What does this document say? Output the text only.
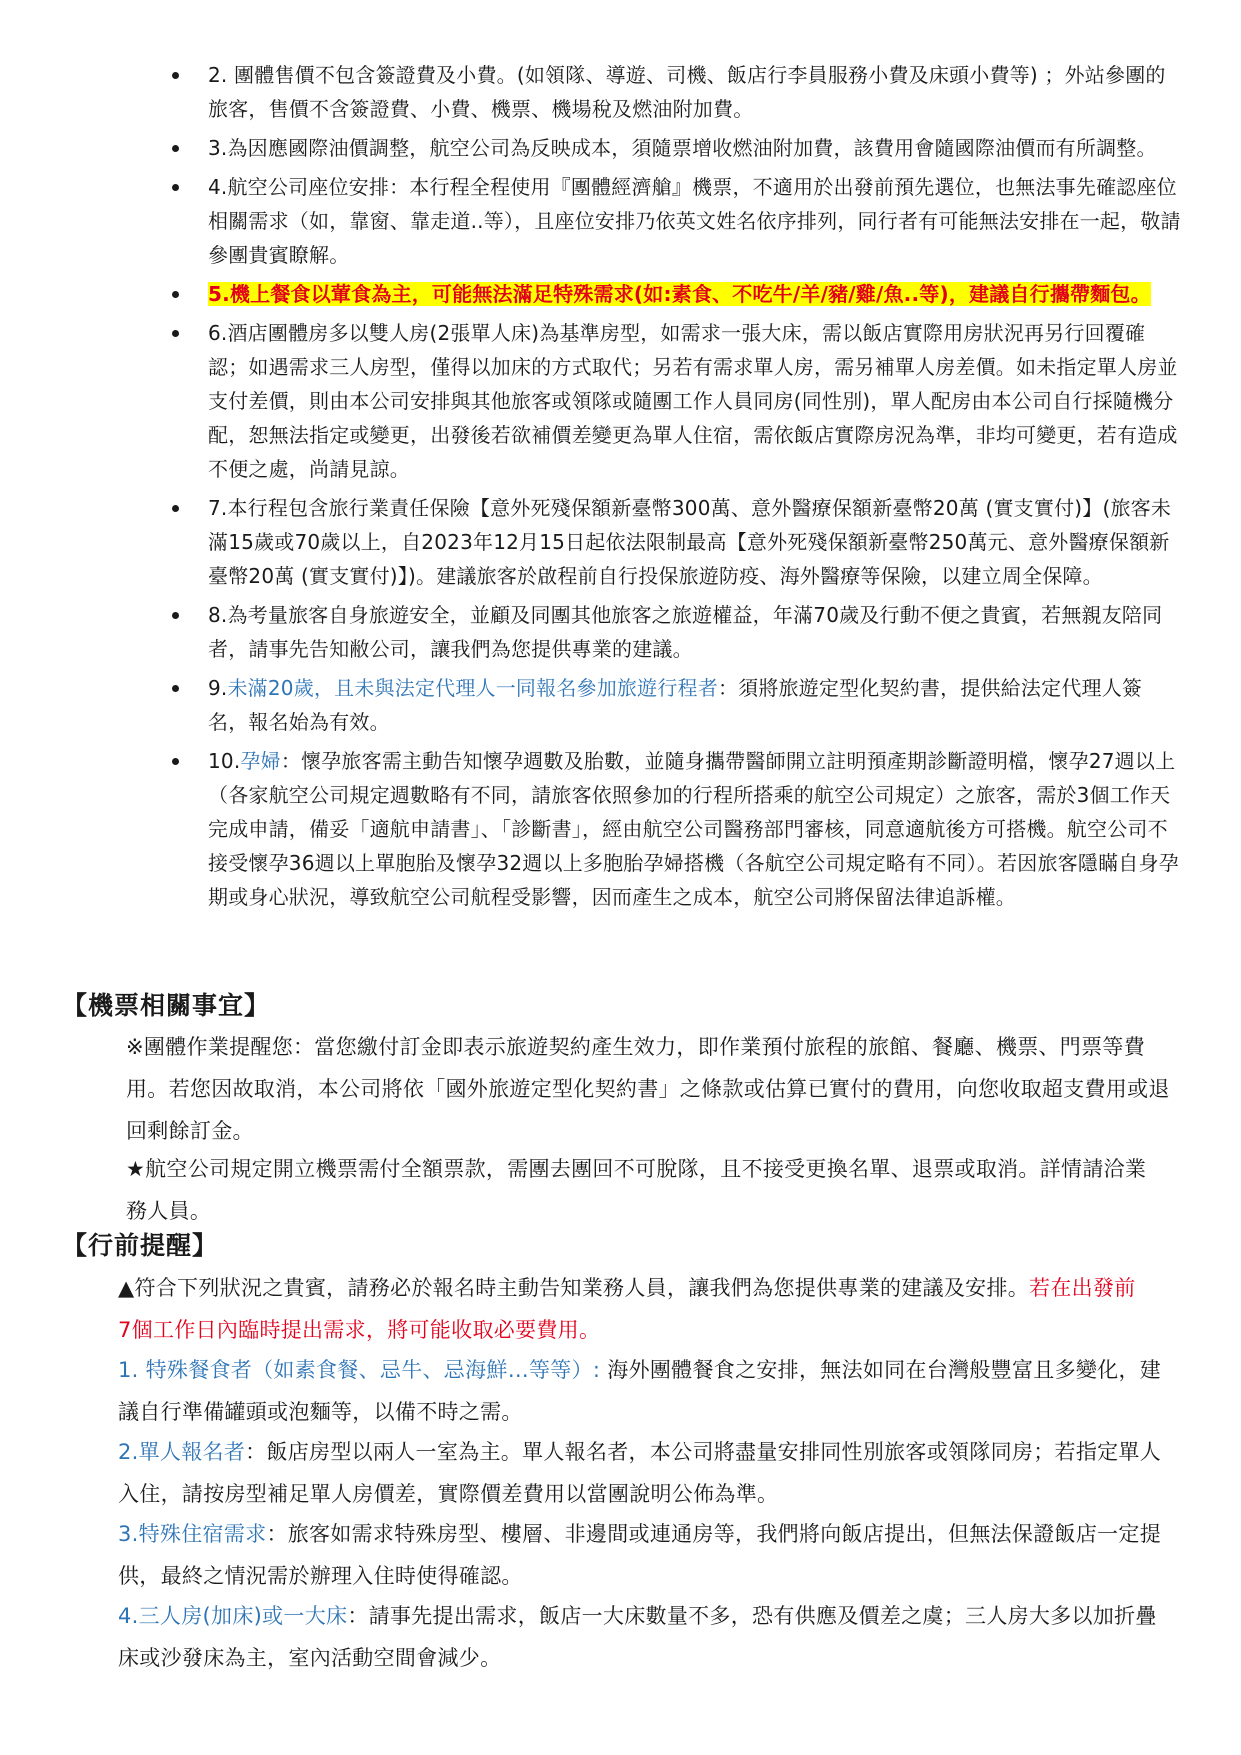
2. 團體售價不包含簽證費及小費。(如領隊、導遊、司機、飯店行李員服務小費及床頭小費等) ；外站參團的旅客，售價不含簽證費、小費、機票、機場稅及燃油附加費。
3.為因應國際油價調整，航空公司為反映成本，須隨票增收燃油附加費，該費用會隨國際油價而有所調整。
4.航空公司座位安排：本行程全程使用『團體經濟艙』機票，不適用於出發前預先選位，也無法事先確認座位相關需求（如，靠窗、靠走道..等），且座位安排乃依英文姓名依序排列，同行者有可能無法安排在一起，敬請參團貴賓瞭解。
5.機上餐食以葷食為主，可能無法滿足特殊需求(如:素食、不吃牛/羊/豬/雞/魚..等)，建議自行攜帶麵包。
6.酒店團體房多以雙人房(2張單人床)為基準房型，如需求一張大床，需以飯店實際用房狀況再另行回覆確認；如遇需求三人房型，僅得以加床的方式取代；另若有需求單人房，需另補單人房差價。如未指定單人房並支付差價，則由本公司安排與其他旅客或領隊或隨團工作人員同房(同性別)，單人配房由本公司自行採隨機分配，恕無法指定或變更，出發後若欲補價差變更為單人住宿，需依飯店實際房況為準，非均可變更，若有造成不便之處，尚請見諒。
7.本行程包含旅行業責任保險【意外死殘保額新臺幣300萬、意外醫療保額新臺幣20萬 (實支實付)】(旅客未滿15歲或70歲以上，自2023年12月15日起依法限制最高【意外死殘保額新臺幣250萬元、意外醫療保額新臺幣20萬 (實支實付)】)。建議旅客於啟程前自行投保旅遊防疫、海外醫療等保險，以建立周全保障。
8.為考量旅客自身旅遊安全，並顧及同團其他旅客之旅遊權益，年滿70歲及行動不便之貴賓，若無親友陪同者，請事先告知敝公司，讓我們為您提供專業的建議。
9.未滿20歲，且未與法定代理人一同報名參加旅遊行程者：須將旅遊定型化契約書，提供給法定代理人簽名，報名始為有效。
10.孕婦：懷孕旅客需主動告知懷孕週數及胎數，並隨身攜帶醫師開立註明預產期診斷證明檔，懷孕27週以上（各家航空公司規定週數略有不同，請旅客依照參加的行程所搭乘的航空公司規定）之旅客，需於3個工作天完成申請，備妥「適航申請書」、「診斷書」，經由航空公司醫務部門審核，同意適航後方可搭機。航空公司不接受懷孕36週以上單胞胎及懷孕32週以上多胞胎孕婦搭機（各航空公司規定略有不同）。若因旅客隱瞞自身孕期或身心狀況，導致航空公司航程受影響，因而產生之成本，航空公司將保留法律追訴權。
【機票相關事宜】
※團體作業提醒您：當您繳付訂金即表示旅遊契約產生效力，即作業預付旅程的旅館、餐廳、機票、門票等費用。若您因故取消，本公司將依「國外旅遊定型化契約書」之條款或估算已實付的費用，向您收取超支費用或退回剩餘訂金。
★航空公司規定開立機票需付全額票款，需團去團回不可脫隊，且不接受更換名單、退票或取消。詳情請洽業務人員。
【行前提醒】
▲符合下列狀況之貴賓，請務必於報名時主動告知業務人員，讓我們為您提供專業的建議及安排。若在出發前7個工作日內臨時提出需求，將可能收取必要費用。
1. 特殊餐食者（如素食餐、忌牛、忌海鮮…等等）: 海外團體餐食之安排，無法如同在台灣般豐富且多變化，建議自行準備罐頭或泡麵等，以備不時之需。
2.單人報名者：飯店房型以兩人一室為主。單人報名者，本公司將盡量安排同性別旅客或領隊同房；若指定單人入住，請按房型補足單人房價差，實際價差費用以當團說明公佈為準。
3.特殊住宿需求：旅客如需求特殊房型、樓層、非邊間或連通房等，我們將向飯店提出，但無法保證飯店一定提供，最終之情況需於辦理入住時使得確認。
4.三人房(加床)或一大床：請事先提出需求，飯店一大床數量不多，恐有供應及價差之虞；三人房大多以加折疊床或沙發床為主，室內活動空間會減少。
